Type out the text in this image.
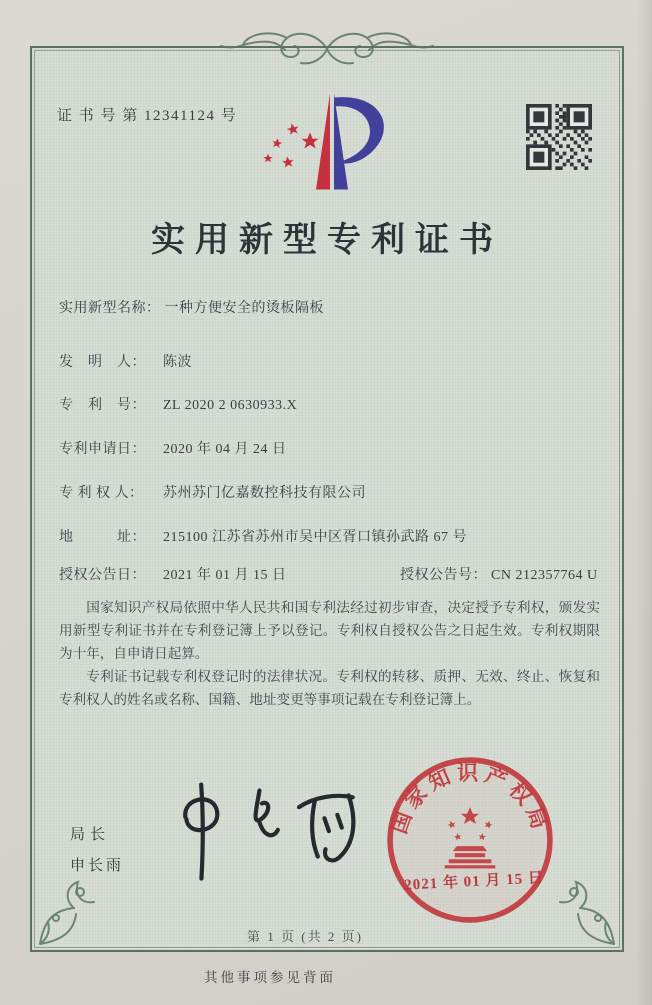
证 书 号 第 12341124 号
实用新型专利证书
实用新型名称： 一种方便安全的烫板隔板
发　明　人： 陈波
专　利　号： ZL 2020 2 0630933.X
专利申请日： 2020 年 04 月 24 日
专 利 权 人： 苏州苏门亿嘉数控科技有限公司
地　　　址： 215100 江苏省苏州市吴中区胥口镇孙武路 67 号
授权公告日： 2021 年 01 月 15 日	授权公告号： CN 212357764 U

国家知识产权局依照中华人民共和国专利法经过初步审查，决定授予专利权，颁发实用新型专利证书并在专利登记簿上予以登记。专利权自授权公告之日起生效。专利权期限为十年，自申请日起算。

专利证书记载专利权登记时的法律状况。专利权的转移、质押、无效、终止、恢复和专利权人的姓名或名称、国籍、地址变更等事项记载在专利登记簿上。

局长
申长雨
国家知识产权局
2021 年 01 月 15 日
第 1 页 (共 2 页)
其他事项参见背面
